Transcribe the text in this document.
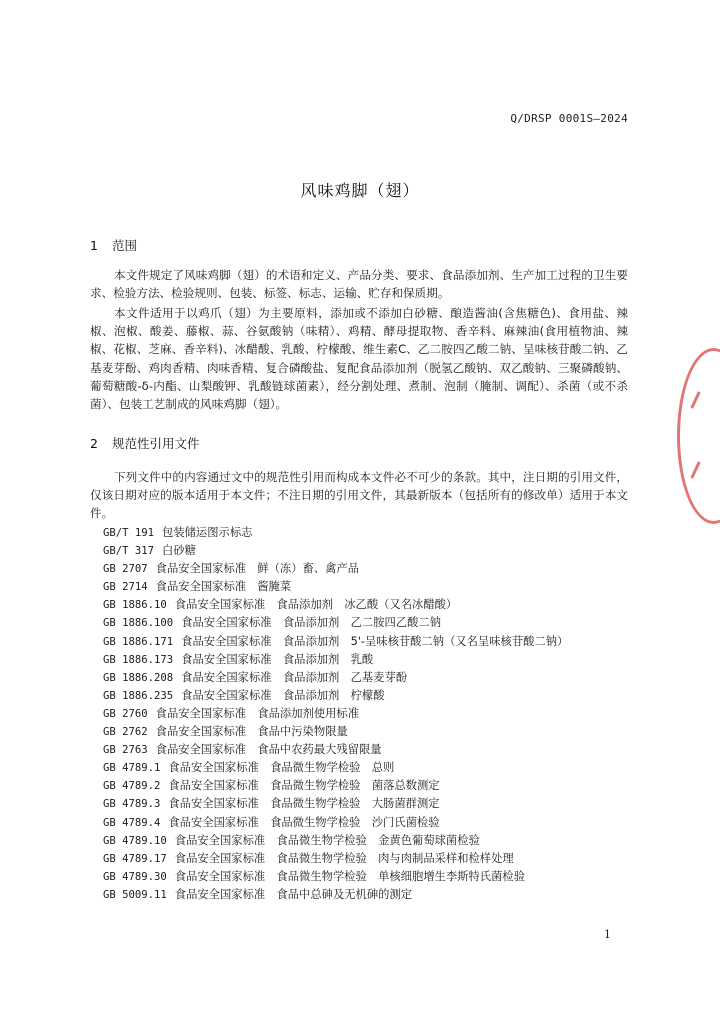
Q/DRSP 0001S—2024
风味鸡脚（翅）
1 范围

本文件规定了风味鸡脚（翅）的术语和定义、产品分类、要求、食品添加剂、生产加工过程的卫生要求、检验方法、检验规则、包装、标签、标志、运输、贮存和保质期。

本文件适用于以鸡爪（翅）为主要原料，添加或不添加白砂糖、酿造酱油(含焦糖色)、食用盐、辣椒、泡椒、酸姜、藤椒、蒜、谷氨酸钠（味精）、鸡精、酵母提取物、香辛料、麻辣油(食用植物油、辣椒、花椒、芝麻、香辛料)、冰醋酸、乳酸、柠檬酸、维生素C、乙二胺四乙酸二钠、呈味核苷酸二钠、乙基麦芽酚、鸡肉香精、肉味香精、复合磷酸盐、复配食品添加剂（脱氢乙酸钠、双乙酸钠、三聚磷酸钠、葡萄糖酸-δ-内酯、山梨酸钾、乳酸链球菌素），经分割处理、煮制、泡制（腌制、调配）、杀菌（或不杀菌）、包装工艺制成的风味鸡脚（翅）。

2 规范性引用文件

下列文件中的内容通过文中的规范性引用而构成本文件必不可少的条款。其中，注日期的引用文件，仅该日期对应的版本适用于本文件；不注日期的引用文件，其最新版本（包括所有的修改单）适用于本文件。

GB/T 191 包装储运图示标志
GB/T 317 白砂糖
GB 2707 食品安全国家标准　鲜（冻）畜、禽产品
GB 2714 食品安全国家标准　酱腌菜
GB 1886.10 食品安全国家标准　食品添加剂　冰乙酸（又名冰醋酸）
GB 1886.100 食品安全国家标准　食品添加剂　乙二胺四乙酸二钠
GB 1886.171 食品安全国家标准　食品添加剂　5'-呈味核苷酸二钠（又名呈味核苷酸二钠）
GB 1886.173 食品安全国家标准　食品添加剂　乳酸
GB 1886.208 食品安全国家标准　食品添加剂　乙基麦芽酚
GB 1886.235 食品安全国家标准　食品添加剂　柠檬酸
GB 2760 食品安全国家标准　食品添加剂使用标准
GB 2762 食品安全国家标准　食品中污染物限量
GB 2763 食品安全国家标准　食品中农药最大残留限量
GB 4789.1 食品安全国家标准　食品微生物学检验　总则
GB 4789.2 食品安全国家标准　食品微生物学检验　菌落总数测定
GB 4789.3 食品安全国家标准　食品微生物学检验　大肠菌群测定
GB 4789.4 食品安全国家标准　食品微生物学检验　沙门氏菌检验
GB 4789.10 食品安全国家标准　食品微生物学检验　金黄色葡萄球菌检验
GB 4789.17 食品安全国家标准　食品微生物学检验　肉与肉制品采样和检样处理
GB 4789.30 食品安全国家标准　食品微生物学检验　单核细胞增生李斯特氏菌检验
GB 5009.11 食品安全国家标准　食品中总砷及无机砷的测定
1
